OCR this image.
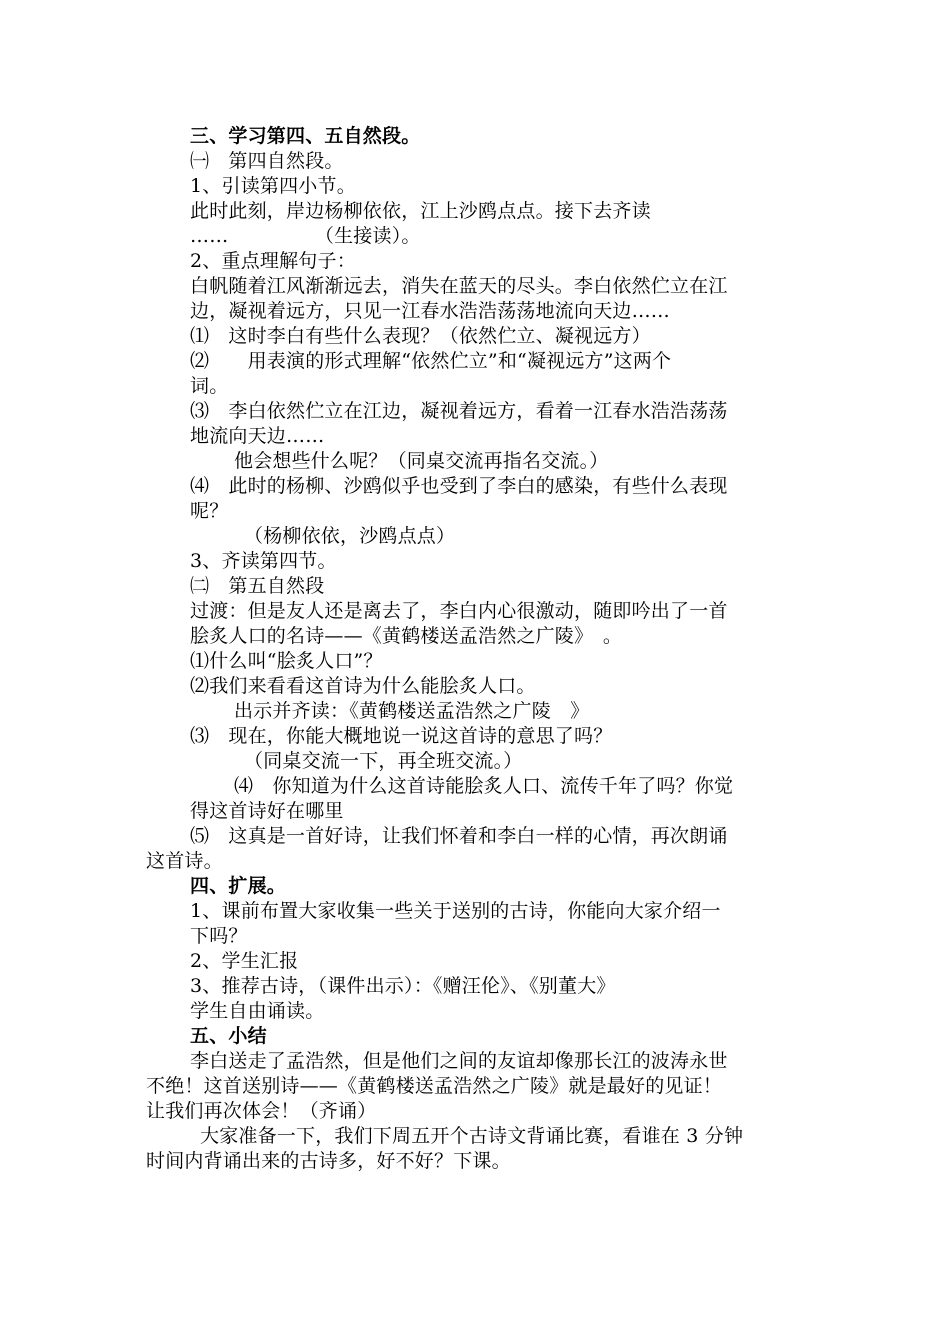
三、学习第四、五自然段。
㈠　第四自然段。
1、引读第四小节。
此时此刻，岸边杨柳依依，江上沙鸥点点。接下去齐读
……　　　　　（生接读）。
2、重点理解句子：
白帆随着江风渐渐远去，消失在蓝天的尽头。李白依然伫立在江
边，凝视着远方，只见一江春水浩浩荡荡地流向天边……
⑴　这时李白有些什么表现？（依然伫立、凝视远方）
⑵　　用表演的形式理解“依然伫立”和“凝视远方”这两个
词。
⑶　李白依然伫立在江边，凝视着远方，看着一江春水浩浩荡荡
地流向天边……
他会想些什么呢？（同桌交流再指名交流。）
⑷　此时的杨柳、沙鸥似乎也受到了李白的感染，有些什么表现
呢？
（杨柳依依，沙鸥点点）
3、齐读第四节。
㈡　第五自然段
过渡：但是友人还是离去了，李白内心很激动，随即吟出了一首
脍炙人口的名诗——《黄鹤楼送孟浩然之广陵》　。
⑴什么叫“脍炙人口”？
⑵我们来看看这首诗为什么能脍炙人口。
出示并齐读：《黄鹤楼送孟浩然之广陵　》
⑶　现在，你能大概地说一说这首诗的意思了吗？
（同桌交流一下，再全班交流。）
⑷　你知道为什么这首诗能脍炙人口、流传千年了吗？你觉
得这首诗好在哪里
⑸　这真是一首好诗，让我们怀着和李白一样的心情，再次朗诵
这首诗。
四、扩展。
1、课前布置大家收集一些关于送别的古诗，你能向大家介绍一
下吗？
2、学生汇报
3、推荐古诗，（课件出示）：《赠汪伦》、《别董大》
学生自由诵读。
五、小结
李白送走了孟浩然，但是他们之间的友谊却像那长江的波涛永世
不绝！这首送别诗——《黄鹤楼送孟浩然之广陵》就是最好的见证！
让我们再次体会！（齐诵）
大家准备一下，我们下周五开个古诗文背诵比赛，看谁在 3 分钟
时间内背诵出来的古诗多，好不好？下课。
